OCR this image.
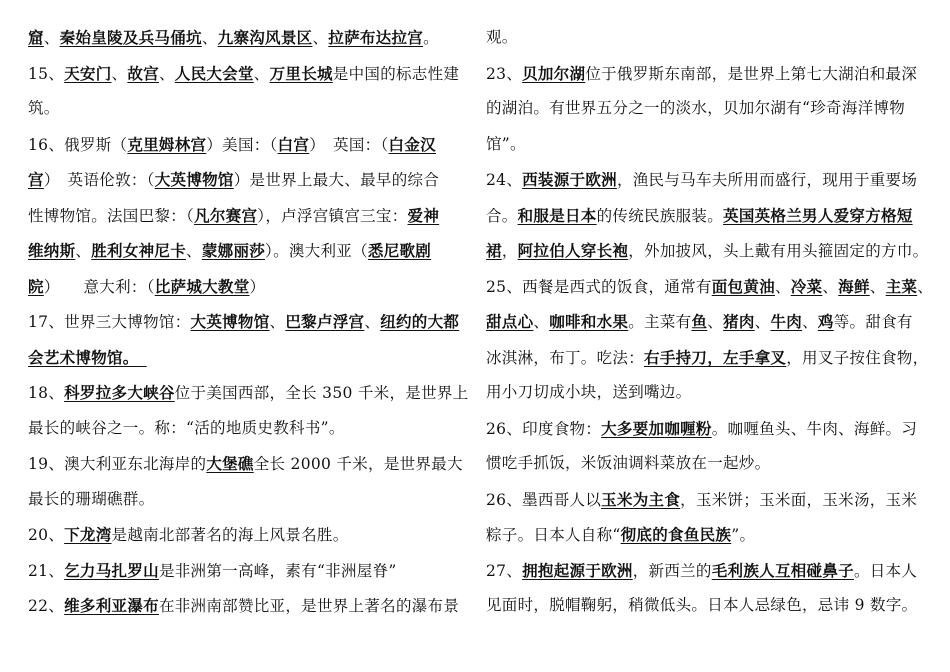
窟、秦始皇陵及兵马俑坑、九寨沟风景区、拉萨布达拉宫。
15、天安门、故宫、人民大会堂、万里长城是中国的标志性建
筑。
16、俄罗斯（克里姆林宫）美国：（白宫）　英国：（白金汉
宫）　英语伦敦：（大英博物馆）是世界上最大、最早的综合
性博物馆。法国巴黎：（凡尔赛宫），卢浮宫镇宫三宝：爱神
维纳斯、胜利女神尼卡、蒙娜丽莎）。澳大利亚（悉尼歌剧
院）　　意大利：（比萨城大教堂）
17、世界三大博物馆：大英博物馆、巴黎卢浮宫、纽约的大都
会艺术博物馆。　
18、科罗拉多大峡谷位于美国西部，全长 350 千米，是世界上
最长的峡谷之一。称：“活的地质史教科书”。
19、澳大利亚东北海岸的大堡礁全长 2000 千米，是世界最大
最长的珊瑚礁群。
20、下龙湾是越南北部著名的海上风景名胜。
21、乞力马扎罗山是非洲第一高峰，素有“非洲屋脊”
22、维多利亚瀑布在非洲南部赞比亚，是世界上著名的瀑布景
观。
23、贝加尔湖位于俄罗斯东南部，是世界上第七大湖泊和最深
的湖泊。有世界五分之一的淡水，贝加尔湖有“珍奇海洋博物
馆”。
24、西装源于欧洲，渔民与马车夫所用而盛行，现用于重要场
合。和服是日本的传统民族服装。英国英格兰男人爱穿方格短
裙，阿拉伯人穿长袍，外加披风，头上戴有用头箍固定的方巾。
25、西餐是西式的饭食，通常有面包黄油、冷菜、海鲜、主菜、
甜点心、咖啡和水果。主菜有鱼、猪肉、牛肉、鸡等。甜食有
冰淇淋，布丁。吃法：右手持刀，左手拿叉，用叉子按住食物，
用小刀切成小块，送到嘴边。
26、印度食物：大多要加咖喱粉。咖喱鱼头、牛肉、海鲜。习
惯吃手抓饭，米饭油调料菜放在一起炒。
26、墨西哥人以玉米为主食，玉米饼；玉米面，玉米汤，玉米
粽子。日本人自称“彻底的食鱼民族”。
27、拥抱起源于欧洲，新西兰的毛利族人互相碰鼻子。日本人
见面时，脱帽鞠躬，稍微低头。日本人忌绿色，忌讳 9 数字。
